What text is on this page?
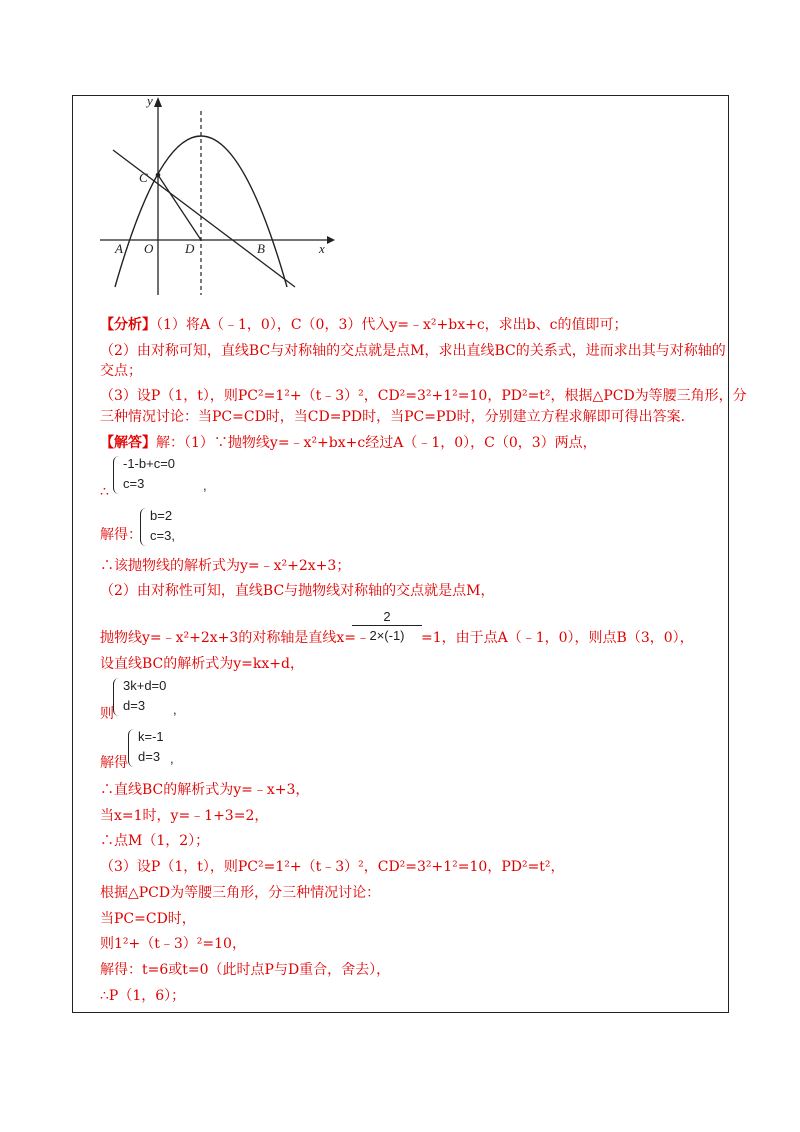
y
x
C
A O D	B
【分析】（1）将A（﹣1，0），C（0，3）代入y=﹣x²+bx+c，求出b、c的值即可；
（2）由对称可知，直线BC与对称轴的交点就是点M，求出直线BC的关系式，进而求出其与对称轴的
交点；
（3）设P（1，t），则PC²=1²+（t﹣3）²，CD²=3²+1²=10，PD²=t²，根据△PCD为等腰三角形，分
三种情况讨论：当PC=CD时，当CD=PD时，当PC=PD时，分别建立方程求解即可得出答案．
【解答】解：（1）∵抛物线y=﹣x²+bx+c经过A（﹣1，0），C（0，3）两点，
-1-b+c=0
c=3	,
∴
解得：
b=2
c=3,
∴该抛物线的解析式为y=﹣x²+2x+3；
（2）由对称性可知，直线BC与抛物线对称轴的交点就是点M，
抛物线y=﹣x²+2x+3的对称轴是直线x=﹣
$\frac{2}{2\times(-1)} =1$，由于点A（﹣1，0），则点B（3，0），
设直线BC的解析式为y=kx+d，
3k+d=0
d=3 ,
则
k=-1
d=3 ,
解得
∴直线BC的解析式为y=﹣x+3，
当x=1时，y=﹣1+3=2，
∴点M（1，2）；
（3）设P（1，t），则PC²=1²+（t﹣3）²，CD²=3²+1²=10，PD²=t²，
根据△PCD为等腰三角形，分三种情况讨论：
当PC=CD时，
则1²+（t﹣3）²=10，
解得：t=6或t=0（此时点P与D重合，舍去），
∴P（1，6）；
